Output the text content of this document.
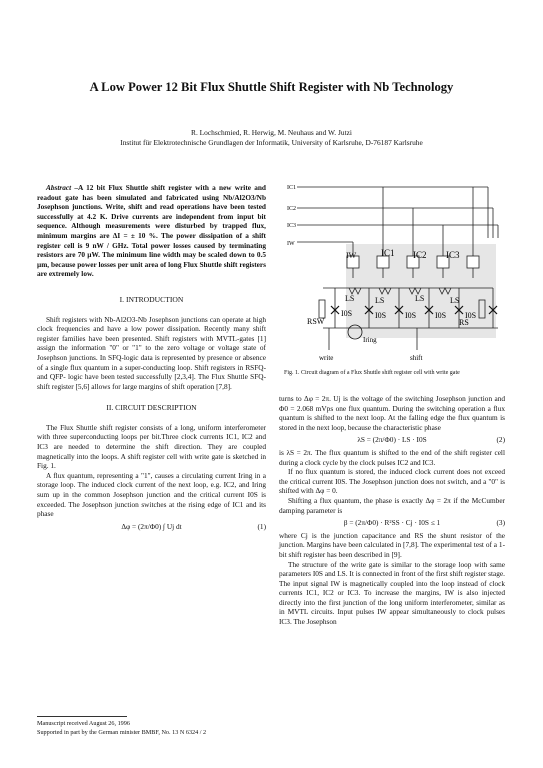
A Low Power 12 Bit Flux Shuttle Shift Register with Nb Technology
R. Lochschmied, R. Herwig, M. Neuhaus and W. Jutzi
Institut für Elektrotechnische Grundlagen der Informatik, University of Karlsruhe, D-76187 Karlsruhe

Abstract –A 12 bit Flux Shuttle shift register with a new write and readout gate has been simulated and fabricated using Nb/Al2O3/Nb Josephson junctions. Write, shift and read operations have been tested successfully at 4.2 K. Drive currents are independent from input bit sequence. Although measurements were disturbed by trapped flux, minimum margins are ΔI = ± 10 %. The power dissipation of a shift register cell is 9 nW / GHz. Total power losses caused by terminating resistors are 70 µW. The minimum line width may be scaled down to 0.5 µm, because power losses per unit area of long Flux Shuttle shift registers are extremely low.

I. INTRODUCTION

Shift registers with Nb-Al2O3-Nb Josephson junctions can operate at high clock frequencies and have a low power dissipation. Recently many shift register families have been presented. Shift registers with MVTL-gates [1] assign the information "0" or "1" to the zero voltage or voltage state of Josephson junctions. In SFQ-logic data is represented by presence or absence of a single flux quantum in a super-conducting loop. Shift registers in RSFQ- and QFP- logic have been tested successfully [2,3,4]. The Flux Shuttle SFQ-shift register [5,6] allows for large margins of shift operation [7,8].

II. CIRCUIT DESCRIPTION

The Flux Shuttle shift register consists of a long, uniform interferometer with three superconducting loops per bit.Three clock currents IC1, IC2 and IC3 are needed to determine the shift direction. They are coupled magnetically into the loops. A shift register cell with write gate is sketched in Fig. 1.

A flux quantum, representing a "1", causes a circulating current Iring in a storage loop. The induced clock current of the next loop, e.g. IC2, and Iring sum up in the common Josephson junction and the critical current I0S is exceeded. The Josephson junction switches at the rising edge of IC1 and its phase

Δφ = (2π/Φ0) ∫ Uj dt	(1)
Manuscript received August 26, 1996
Supported in part by the German minister BMBF, No. 13 N 6324 / 2
IC1
IC2
IC3
IW
IW	IC1 IC2 IC3
LS	LS	LS	LS
I0S	I0S I0S I0S I0S
RSW	RS
Iring
write	shift
Fig. 1. Circuit diagram of a Flux Shuttle shift register cell with write gate

turns to Δφ = 2π. Uj is the voltage of the switching Josephson junction and Φ0 = 2.068 mVps one flux quantum. During the switching operation a flux quantum is shifted to the next loop. At the falling edge the flux quantum is stored in the next loop, because the characteristic phase

λS = (2π/Φ0) · LS · I0S	(2)

is λS = 2π. The flux quantum is shifted to the end of the shift register cell during a clock cycle by the clock pulses IC2 and IC3.

If no flux quantum is stored, the induced clock current does not exceed the critical current I0S. The Josephson junction does not switch, and a "0" is shifted with Δφ = 0.

Shifting a flux quantum, the phase is exactly Δφ = 2π if the McCumber damping parameter is

β = (2π/Φ0) · R²SS · Cj · I0S ≤ 1	(3)

where Cj is the junction capacitance and RS the shunt resistor of the junction. Margins have been calculated in [7,8]. The experimental test of a 1-bit shift register has been described in [9].

The structure of the write gate is similar to the storage loop with same parameters I0S and LS. It is connected in front of the first shift register stage. The input signal IW is magnetically coupled into the loop instead of clock currents IC1, IC2 or IC3. To increase the margins, IW is also injected directly into the first junction of the long uniform interferometer, similar as in MVTL circuits. Input pulses IW appear simultaneously to clock pulses IC3. The Josephson
